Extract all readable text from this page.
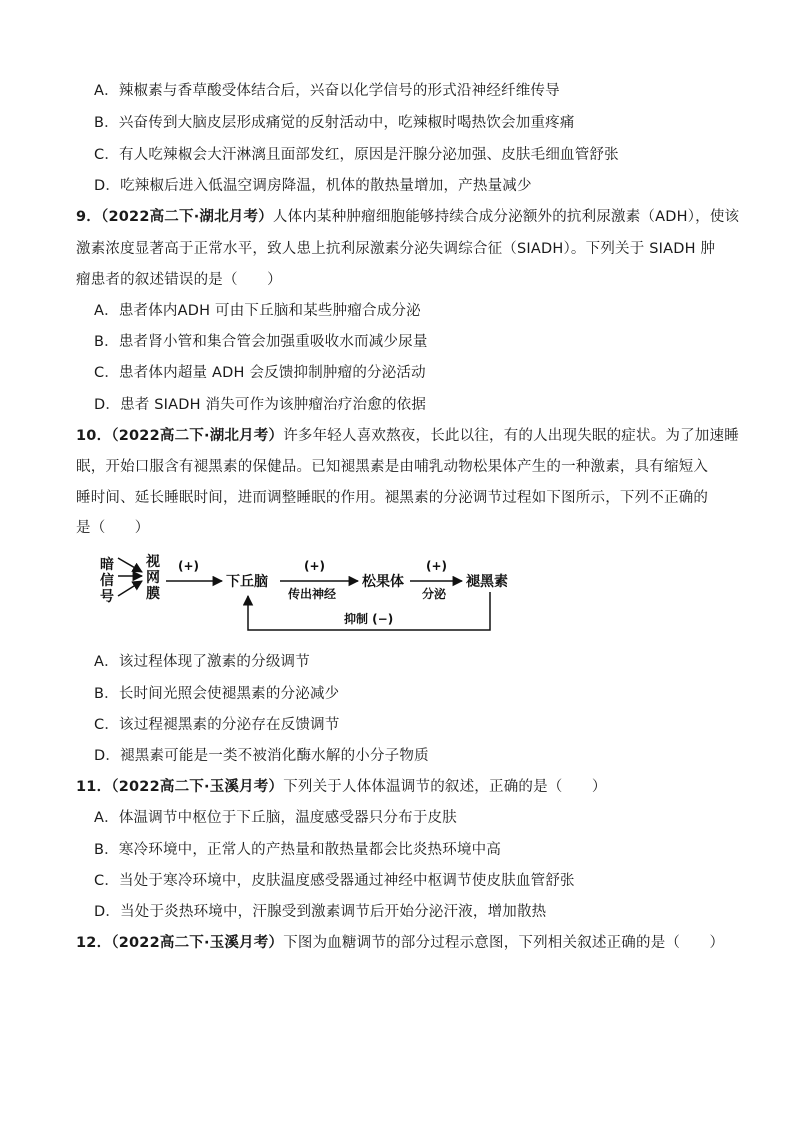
A．辣椒素与香草酸受体结合后，兴奋以化学信号的形式沿神经纤维传导
B．兴奋传到大脑皮层形成痛觉的反射活动中，吃辣椒时喝热饮会加重疼痛
C．有人吃辣椒会大汗淋漓且面部发红，原因是汗腺分泌加强、皮肤毛细血管舒张
D．吃辣椒后进入低温空调房降温，机体的散热量增加，产热量减少
9．（2022高二下·湖北月考）人体内某种肿瘤细胞能够持续合成分泌额外的抗利尿激素（ADH），使该
激素浓度显著高于正常水平，致人患上抗利尿激素分泌失调综合征（SIADH）。下列关于 SIADH 肿
瘤患者的叙述错误的是（　　）
A．患者体内ADH 可由下丘脑和某些肿瘤合成分泌
B．患者肾小管和集合管会加强重吸收水而减少尿量
C．患者体内超量 ADH 会反馈抑制肿瘤的分泌活动
D．患者 SIADH 消失可作为该肿瘤治疗治愈的依据
10．（2022高二下·湖北月考）许多年轻人喜欢熬夜，长此以往，有的人出现失眠的症状。为了加速睡
眠，开始口服含有褪黑素的保健品。已知褪黑素是由哺乳动物松果体产生的一种激素，具有缩短入
睡时间、延长睡眠时间，进而调整睡眠的作用。褪黑素的分泌调节过程如下图所示，下列不正确的
是（　　）
暗
信
号
视
网
膜
(+)
下丘脑
(+)
传出神经
松果体
(+)
分泌
褪黑素
抑制 (−)
A．该过程体现了激素的分级调节
B．长时间光照会使褪黑素的分泌减少
C．该过程褪黑素的分泌存在反馈调节
D．褪黑素可能是一类不被消化酶水解的小分子物质
11．（2022高二下·玉溪月考）下列关于人体体温调节的叙述，正确的是（　　）
A．体温调节中枢位于下丘脑，温度感受器只分布于皮肤
B．寒冷环境中，正常人的产热量和散热量都会比炎热环境中高
C．当处于寒冷环境中，皮肤温度感受器通过神经中枢调节使皮肤血管舒张
D．当处于炎热环境中，汗腺受到激素调节后开始分泌汗液，增加散热
12．（2022高二下·玉溪月考）下图为血糖调节的部分过程示意图，下列相关叙述正确的是（　　）
